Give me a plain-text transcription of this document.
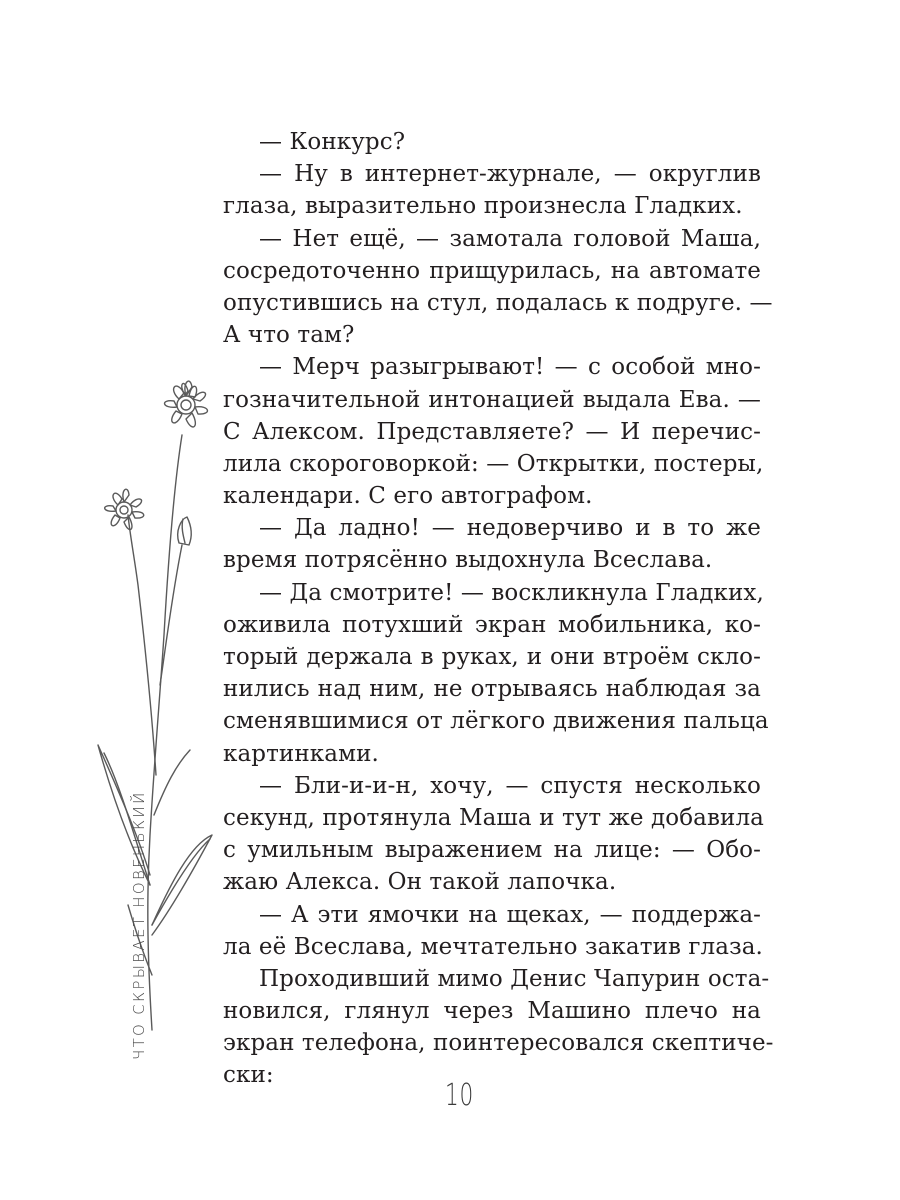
ЧТО СКРЫВАЕТ НОВЕНЬКИЙ
— Конкурс?
— Ну в интернет-журнале, — округлив
глаза, выразительно произнесла Гладких.
— Нет ещё, — замотала головой Маша,
сосредоточенно прищурилась, на автомате
опустившись на стул, подалась к подруге. —
А что там?
— Мерч разыгрывают! — с особой мно-
гозначительной интонацией выдала Ева. —
С Алексом. Представляете? — И перечис-
лила скороговоркой: — Открытки, постеры,
календари. С его автографом.
— Да ладно! — недоверчиво и в то же
время потрясённо выдохнула Всеслава.
— Да смотрите! — воскликнула Гладких,
оживила потухший экран мобильника, ко-
торый держала в руках, и они втроём скло-
нились над ним, не отрываясь наблюдая за
сменявшимися от лёгкого движения пальца
картинками.
— Бли-и-и-н, хочу, — спустя несколько
секунд, протянула Маша и тут же добавила
с умильным выражением на лице: — Обо-
жаю Алекса. Он такой лапочка.
— А эти ямочки на щеках, — поддержа-
ла её Всеслава, мечтательно закатив глаза.
Проходивший мимо Денис Чапурин оста-
новился, глянул через Машино плечо на
экран телефона, поинтересовался скептиче-
ски:
10
